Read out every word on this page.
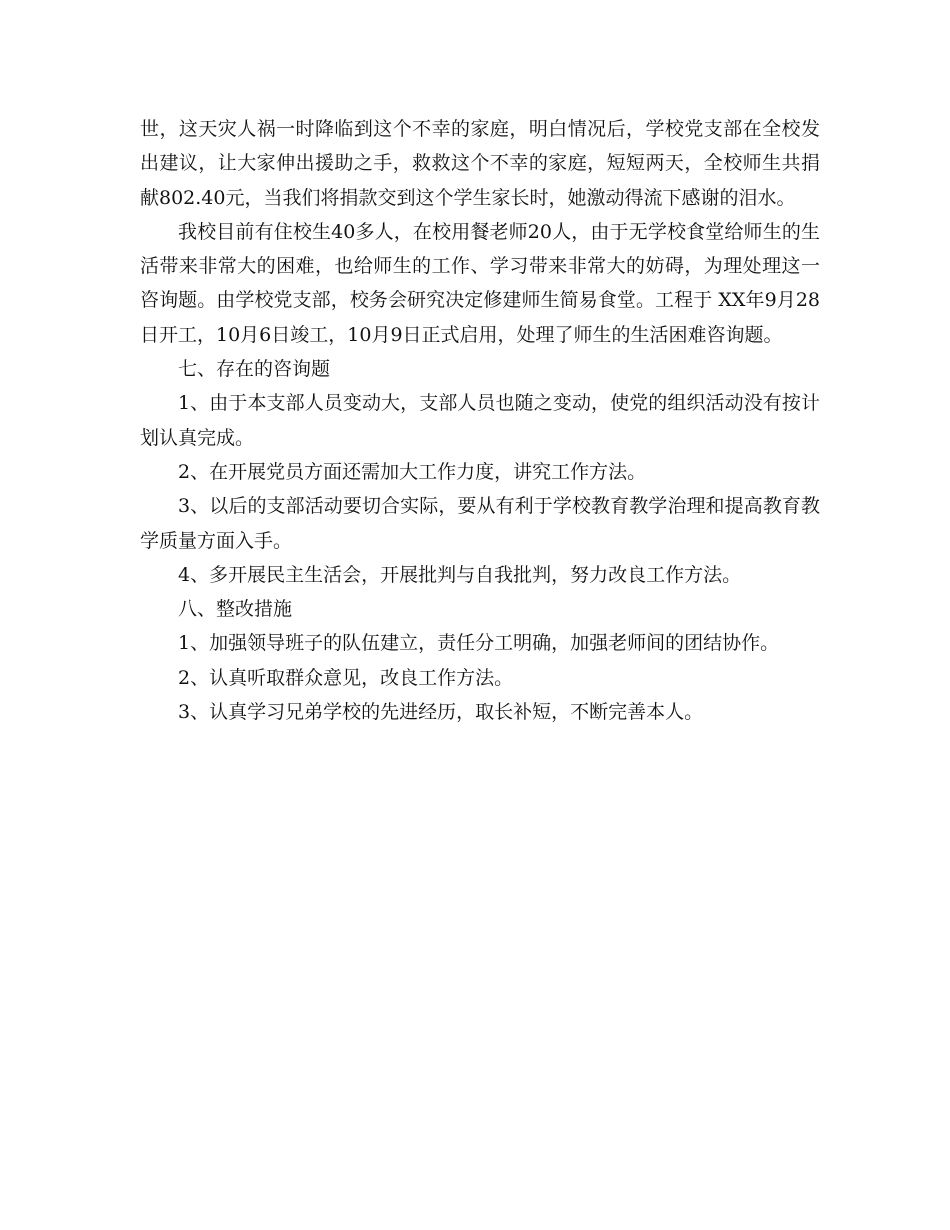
世，这天灾人祸一时降临到这个不幸的家庭，明白情况后，学校党支部在全校发出建议，让大家伸出援助之手，救救这个不幸的家庭，短短两天，全校师生共捐献802.40元，当我们将捐款交到这个学生家长时，她激动得流下感谢的泪水。

我校目前有住校生40多人，在校用餐老师20人，由于无学校食堂给师生的生活带来非常大的困难，也给师生的工作、学习带来非常大的妨碍，为理处理这一咨询题。由学校党支部，校务会研究决定修建师生简易食堂。工程于 XX年9月28日开工，10月6日竣工，10月9日正式启用，处理了师生的生活困难咨询题。

七、存在的咨询题

1、由于本支部人员变动大，支部人员也随之变动，使党的组织活动没有按计划认真完成。

2、在开展党员方面还需加大工作力度，讲究工作方法。

3、以后的支部活动要切合实际，要从有利于学校教育教学治理和提高教育教学质量方面入手。

4、多开展民主生活会，开展批判与自我批判，努力改良工作方法。

八、整改措施

1、加强领导班子的队伍建立，责任分工明确，加强老师间的团结协作。

2、认真听取群众意见，改良工作方法。

3、认真学习兄弟学校的先进经历，取长补短，不断完善本人。
